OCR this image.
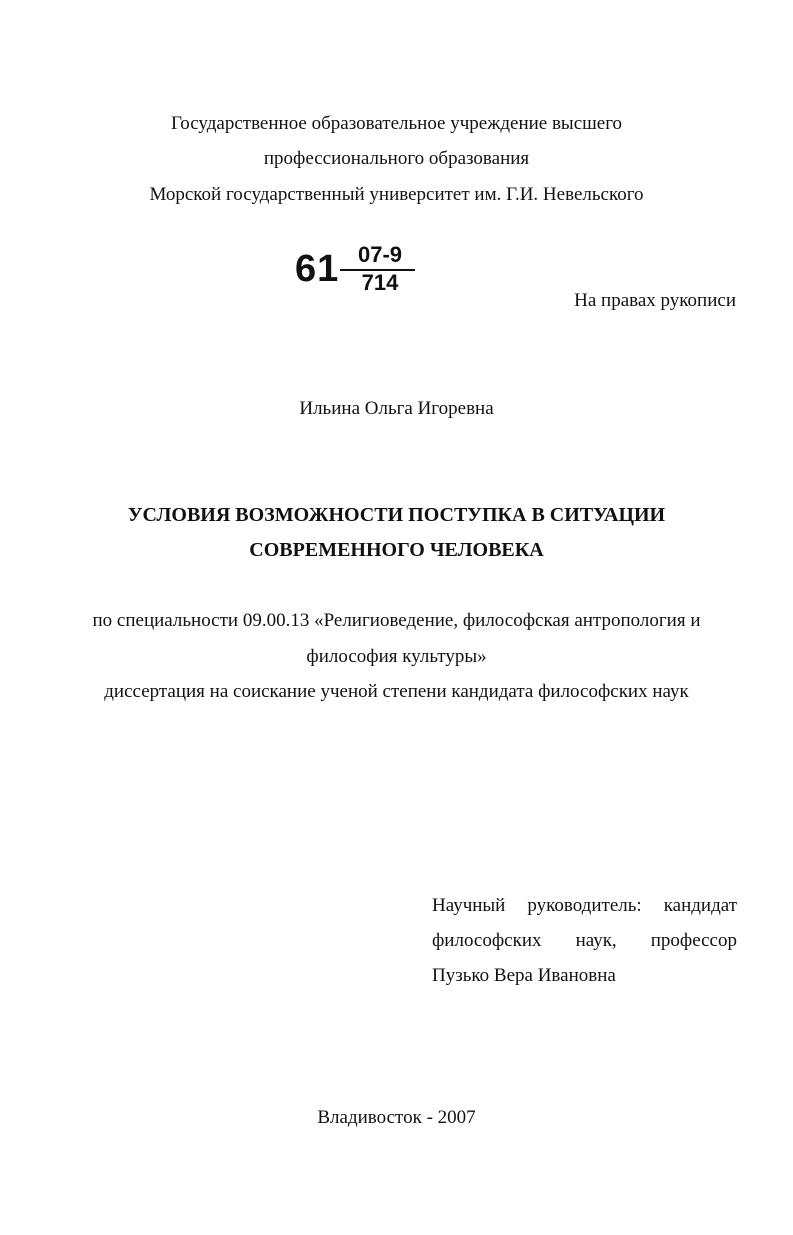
Государственное образовательное учреждение высшего
профессионального образования
Морской государственный университет им. Г.И. Невельского
61 07-9
714
На правах рукописи
Ильина Ольга Игоревна
УСЛОВИЯ ВОЗМОЖНОСТИ ПОСТУПКА В СИТУАЦИИ
СОВРЕМЕННОГО ЧЕЛОВЕКА
по специальности 09.00.13 «Религиоведение, философская антропология и
философия культуры»
диссертация на соискание ученой степени кандидата философских наук
Научный руководитель: кандидат
философских наук, профессор
Пузько Вера Ивановна
Владивосток - 2007
